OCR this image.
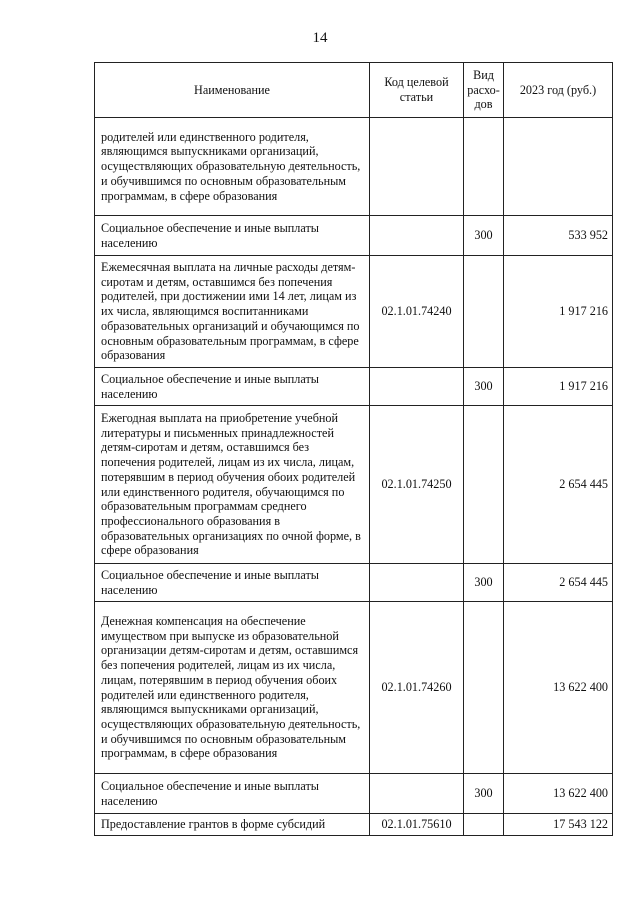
14
Наименование	Код целевой статьи	Вид расхо-дов	2023 год (руб.)
родителей или единственного родителя, являющимся выпускниками организаций, осуществляющих образовательную деятельность, и обучившимся по основным образовательным программам, в сфере образования			
Социальное обеспечение и иные выплаты населению		300	533 952
Ежемесячная выплата на личные расходы детям-сиротам и детям, оставшимся без попечения родителей, при достижении ими 14 лет, лицам из их числа, являющимся воспитанниками образовательных организаций и обучающимся по основным образовательным программам, в сфере образования	02.1.01.74240		1 917 216
Социальное обеспечение и иные выплаты населению		300	1 917 216
Ежегодная выплата на приобретение учебной литературы и письменных принадлежностей детям-сиротам и детям, оставшимся без попечения родителей, лицам из их числа, лицам, потерявшим в период обучения обоих родителей или единственного родителя, обучающимся по образовательным программам среднего профессионального образования в образовательных организациях по очной форме, в сфере образования	02.1.01.74250		2 654 445
Социальное обеспечение и иные выплаты населению		300	2 654 445
Денежная компенсация на обеспечение имуществом при выпуске из образовательной организации детям-сиротам и детям, оставшимся без попечения родителей, лицам из их числа, лицам, потерявшим в период обучения обоих родителей или единственного родителя, являющимся выпускниками организаций, осуществляющих образовательную деятельность, и обучившимся по основным образовательным программам, в сфере образования	02.1.01.74260		13 622 400
Социальное обеспечение и иные выплаты населению		300	13 622 400
Предоставление грантов в форме субсидий	02.1.01.75610		17 543 122
